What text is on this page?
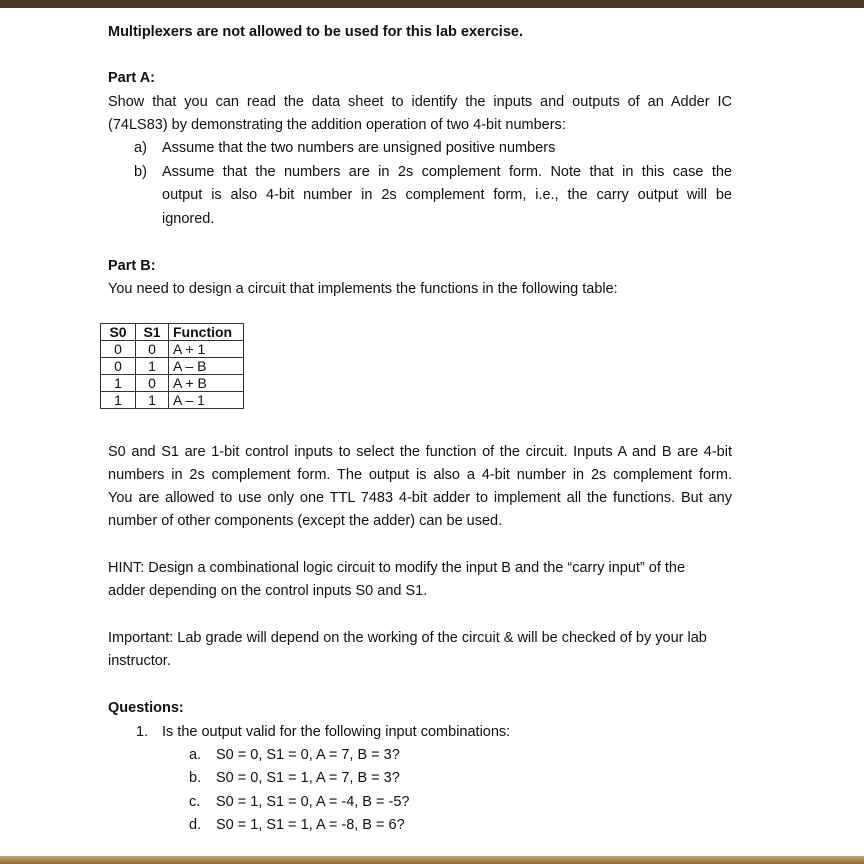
Multiplexers are not allowed to be used for this lab exercise.
Part A:
Show that you can read the data sheet to identify the inputs and outputs of an Adder IC
(74LS83) by demonstrating the addition operation of two 4-bit numbers:
a) Assume that the two numbers are unsigned positive numbers
b) Assume that the numbers are in 2s complement form. Note that in this case the
output is also 4-bit number in 2s complement form, i.e., the carry output will be
ignored.
Part B:
You need to design a circuit that implements the functions in the following table:
S0	S1	Function
0	0	A + 1
0	1	A – B
1	0	A + B
1	1	A – 1
S0 and S1 are 1-bit control inputs to select the function of the circuit. Inputs A and B are 4-bit
numbers in 2s complement form. The output is also a 4-bit number in 2s complement form.
You are allowed to use only one TTL 7483 4-bit adder to implement all the functions. But any
number of other components (except the adder) can be used.
HINT: Design a combinational logic circuit to modify the input B and the “carry input” of the
adder depending on the control inputs S0 and S1.
Important: Lab grade will depend on the working of the circuit & will be checked of by your lab
instructor.
Questions:
1. Is the output valid for the following input combinations:
a. S0 = 0, S1 = 0, A = 7, B = 3?
b. S0 = 0, S1 = 1, A = 7, B = 3?
c. S0 = 1, S1 = 0, A = -4, B = -5?
d. S0 = 1, S1 = 1, A = -8, B = 6?
